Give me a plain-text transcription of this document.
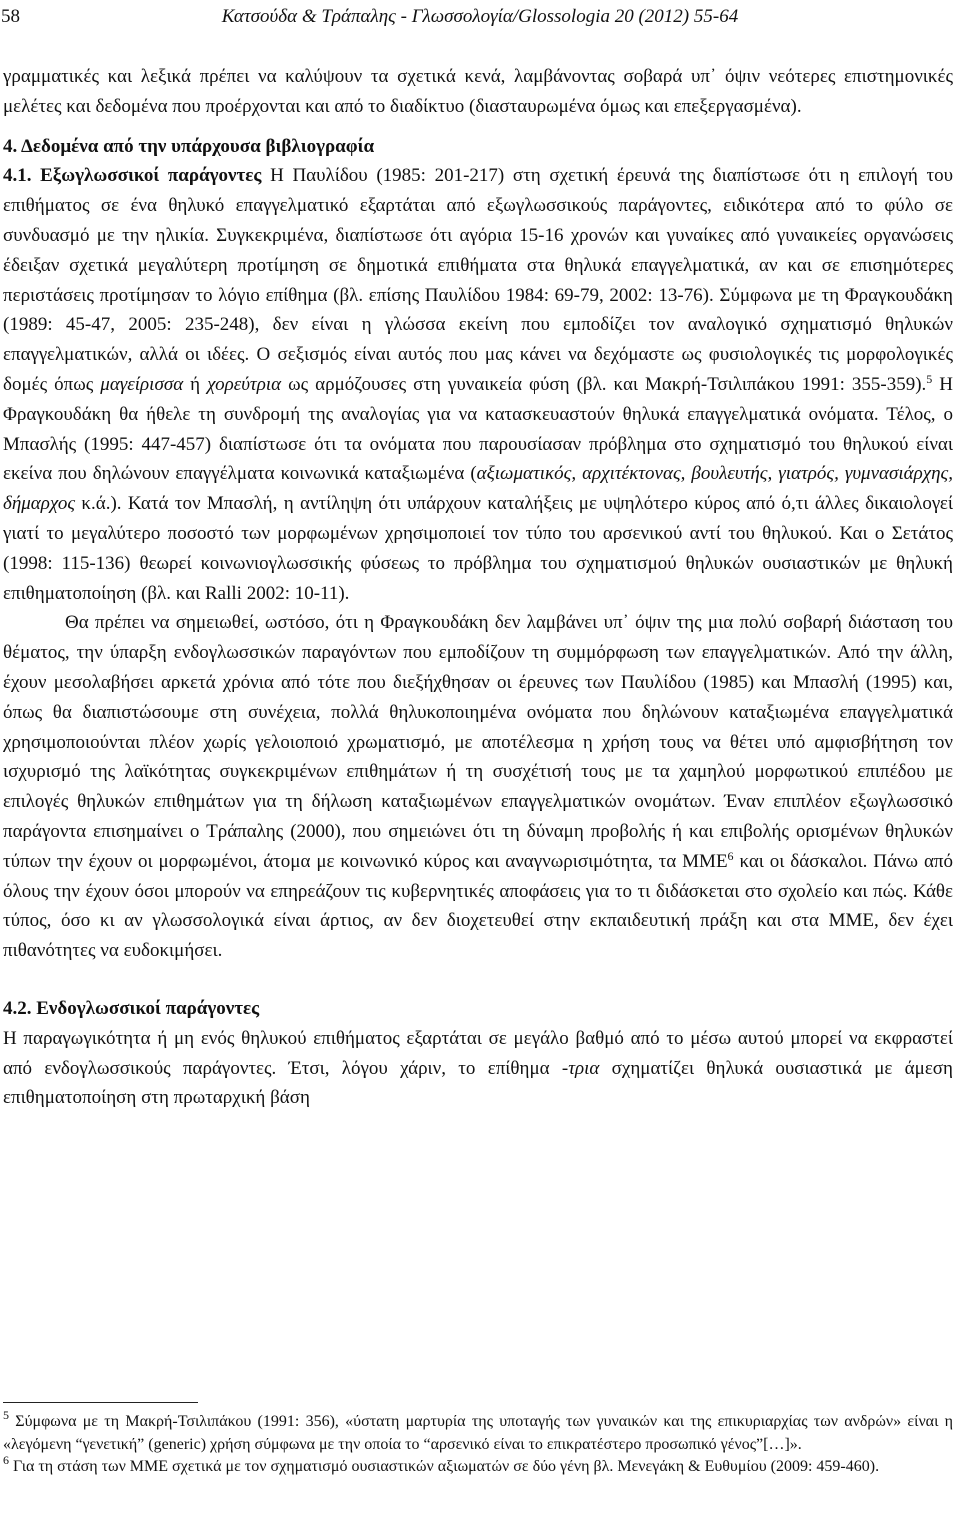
58	Κατσούδα & Τράπαλης - Γλωσσολογία/Glossologia 20 (2012) 55-64

γραμματικές και λεξικά πρέπει να καλύψουν τα σχετικά κενά, λαμβάνοντας σοβαρά υπ᾽ όψιν νεότερες επιστημονικές μελέτες και δεδομένα που προέρχονται και από το διαδίκτυο (διασταυρωμένα όμως και επεξεργασμένα).

4. Δεδομένα από την υπάρχουσα βιβλιογραφία

4.1. Εξωγλωσσικοί παράγοντες Η Παυλίδου (1985: 201-217) στη σχετική έρευνά της διαπίστωσε ότι η επιλογή του επιθήματος σε ένα θηλυκό επαγγελματικό εξαρτάται από εξωγλωσσικούς παράγοντες, ειδικότερα από το φύλο σε συνδυασμό με την ηλικία. Συγκεκριμένα, διαπίστωσε ότι αγόρια 15-16 χρονών και γυναίκες από γυναικείες οργανώσεις έδειξαν σχετικά μεγαλύτερη προτίμηση σε δημοτικά επιθήματα στα θηλυκά επαγγελματικά, αν και σε επισημότερες περιστάσεις προτίμησαν το λόγιο επίθημα (βλ. επίσης Παυλίδου 1984: 69-79, 2002: 13-76). Σύμφωνα με τη Φραγκουδάκη (1989: 45-47, 2005: 235-248), δεν είναι η γλώσσα εκείνη που εμποδίζει τον αναλογικό σχηματισμό θηλυκών επαγγελματικών, αλλά οι ιδέες. Ο σεξισμός είναι αυτός που μας κάνει να δεχόμαστε ως φυσιολογικές τις μορφολογικές δομές όπως μαγείρισσα ή χορεύτρια ως αρμόζουσες στη γυναικεία φύση (βλ. και Μακρή-Τσιλιπάκου 1991: 355-359).$^5$ Η Φραγκουδάκη θα ήθελε τη συνδρομή της αναλογίας για να κατασκευαστούν θηλυκά επαγγελματικά ονόματα. Τέλος, ο Μπασλής (1995: 447-457) διαπίστωσε ότι τα ονόματα που παρουσίασαν πρόβλημα στο σχηματισμό του θηλυκού είναι εκείνα που δηλώνουν επαγγέλματα κοινωνικά καταξιωμένα (αξιωματικός, αρχιτέκτονας, βουλευτής, γιατρός, γυμνασιάρχης, δήμαρχος κ.ά.). Κατά τον Μπασλή, η αντίληψη ότι υπάρχουν καταλήξεις με υψηλότερο κύρος από ό,τι άλλες δικαιολογεί γιατί το μεγαλύτερο ποσοστό των μορφωμένων χρησιμοποιεί τον τύπο του αρσενικού αντί του θηλυκού. Και ο Σετάτος (1998: 115-136) θεωρεί κοινωνιογλωσσικής φύσεως το πρόβλημα του σχηματισμού θηλυκών ουσιαστικών με θηλυκή επιθηματοποίηση (βλ. και Ralli 2002: 10-11).

Θα πρέπει να σημειωθεί, ωστόσο, ότι η Φραγκουδάκη δεν λαμβάνει υπ᾽ όψιν της μια πολύ σοβαρή διάσταση του θέματος, την ύπαρξη ενδογλωσσικών παραγόντων που εμποδίζουν τη συμμόρφωση των επαγγελματικών. Από την άλλη, έχουν μεσολαβήσει αρκετά χρόνια από τότε που διεξήχθησαν οι έρευνες των Παυλίδου (1985) και Μπασλή (1995) και, όπως θα διαπιστώσουμε στη συνέχεια, πολλά θηλυκοποιημένα ονόματα που δηλώνουν καταξιωμένα επαγγελματικά χρησιμοποιούνται πλέον χωρίς γελοιοποιό χρωματισμό, με αποτέλεσμα η χρήση τους να θέτει υπό αμφισβήτηση τον ισχυρισμό της λαϊκότητας συγκεκριμένων επιθημάτων ή τη συσχέτισή τους με τα χαμηλού μορφωτικού επιπέδου με επιλογές θηλυκών επιθημάτων για τη δήλωση καταξιωμένων επαγγελματικών ονομάτων. Έναν επιπλέον εξωγλωσσικό παράγοντα επισημαίνει ο Τράπαλης (2000), που σημειώνει ότι τη δύναμη προβολής ή και επιβολής ορισμένων θηλυκών τύπων την έχουν οι μορφωμένοι, άτομα με κοινωνικό κύρος και αναγνωρισιμότητα, τα ΜΜΕ$^6$ και οι δάσκαλοι. Πάνω από όλους την έχουν όσοι μπορούν να επηρεάζουν τις κυβερνητικές αποφάσεις για το τι διδάσκεται στο σχολείο και πώς. Κάθε τύπος, όσο κι αν γλωσσολογικά είναι άρτιος, αν δεν διοχετευθεί στην εκπαιδευτική πράξη και στα ΜΜΕ, δεν έχει πιθανότητες να ευδοκιμήσει.

4.2. Ενδογλωσσικοί παράγοντες

Η παραγωγικότητα ή μη ενός θηλυκού επιθήματος εξαρτάται σε μεγάλο βαθμό από το μέσω αυτού μπορεί να εκφραστεί από ενδογλωσσικούς παράγοντες. Έτσι, λόγου χάριν, το επίθημα -τρια σχηματίζει θηλυκά ουσιαστικά με άμεση επιθηματοποίηση στη πρωταρχική βάση

$^5$ Σύμφωνα με τη Μακρή-Τσιλιπάκου (1991: 356), «ύστατη μαρτυρία της υποταγής των γυναικών και της επικυριαρχίας των ανδρών» είναι η «λεγόμενη “γενετική” (generic) χρήση σύμφωνα με την οποία το “αρσενικό είναι το επικρατέστερο προσωπικό γένος”[…]».

$^6$ Για τη στάση των ΜΜΕ σχετικά με τον σχηματισμό ουσιαστικών αξιωματών σε δύο γένη βλ. Μενεγάκη & Ευθυμίου (2009: 459-460).
